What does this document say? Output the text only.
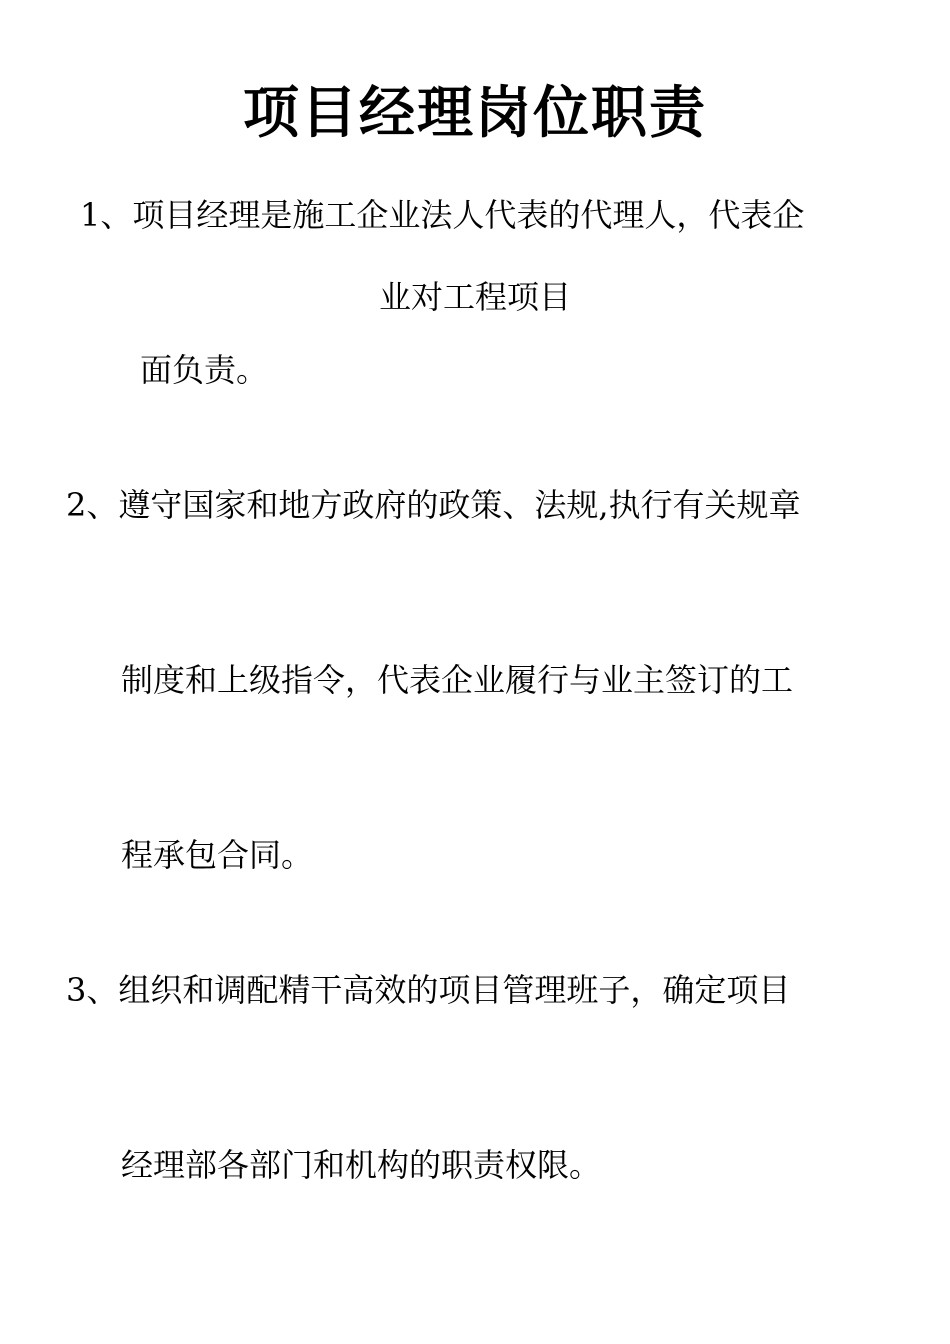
项目经理岗位职责

1、项目经理是施工企业法人代表的代理人，代表企

业对工程项目

面负责。

2、遵守国家和地方政府的政策、法规,执行有关规章

制度和上级指令，代表企业履行与业主签订的工

程承包合同。

3、组织和调配精干高效的项目管理班子，确定项目

经理部各部门和机构的职责权限。
